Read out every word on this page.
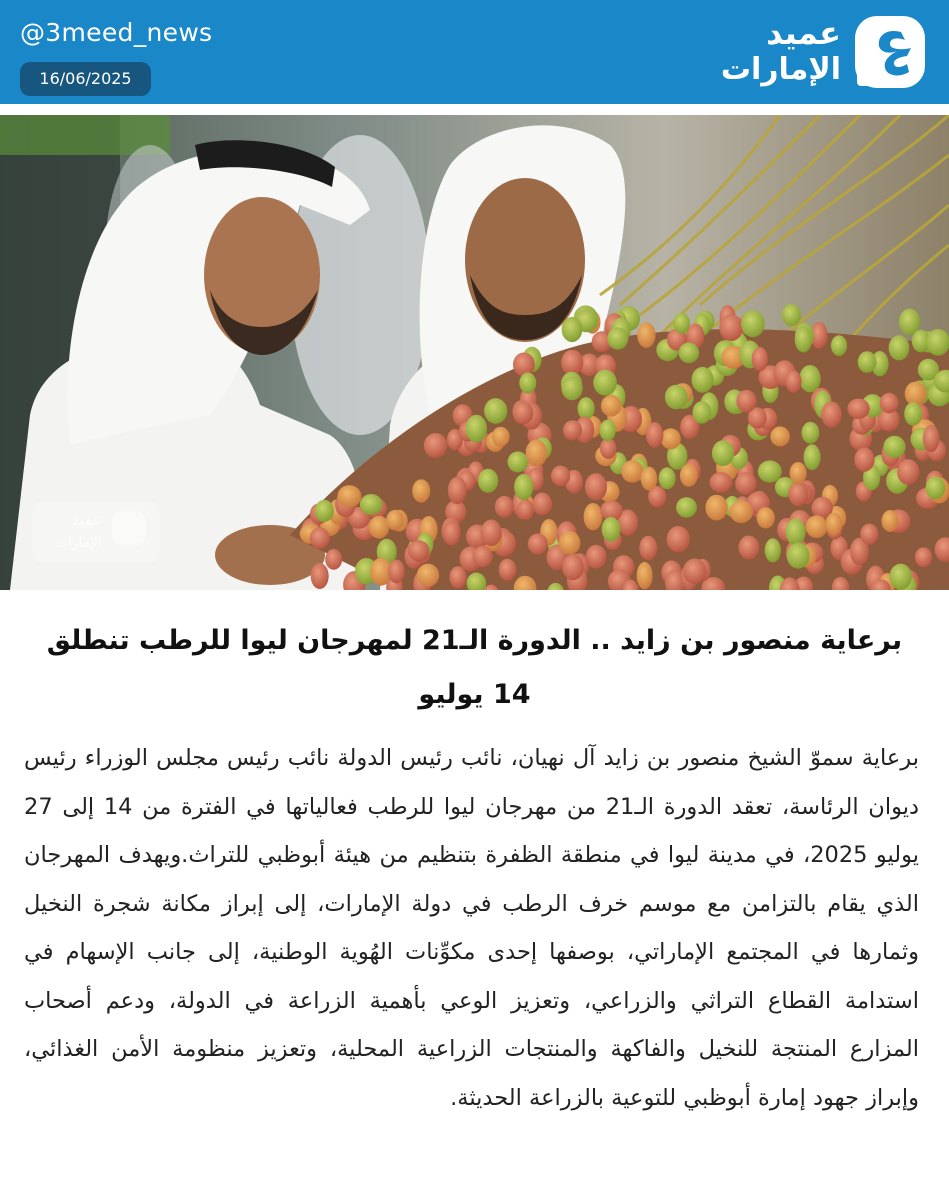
@3meed_news
16/06/2025
عميد
الإمارات
عميد
الإمارات
برعاية منصور بن زايد .. الدورة الـ21 لمهرجان ليوا للرطب تنطلق 14 يوليو
برعاية سموّ الشيخ منصور بن زايد آل نهيان، نائب رئيس الدولة نائب رئيس مجلس الوزراء رئيس ديوان الرئاسة، تعقد الدورة الـ21 من مهرجان ليوا للرطب فعالياتها في الفترة من 14 إلى 27 يوليو 2025، في مدينة ليوا في منطقة الظفرة بتنظيم من هيئة أبوظبي للتراث.ويهدف المهرجان الذي يقام بالتزامن مع موسم خرف الرطب في دولة الإمارات، إلى إبراز مكانة شجرة النخيل وثمارها في المجتمع الإماراتي، بوصفها إحدى مكوِّنات الهُوية الوطنية، إلى جانب الإسهام في استدامة القطاع التراثي والزراعي، وتعزيز الوعي بأهمية الزراعة في الدولة، ودعم أصحاب المزارع المنتجة للنخيل والفاكهة والمنتجات الزراعية المحلية، وتعزيز منظومة الأمن الغذائي، وإبراز جهود إمارة أبوظبي للتوعية بالزراعة الحديثة.
